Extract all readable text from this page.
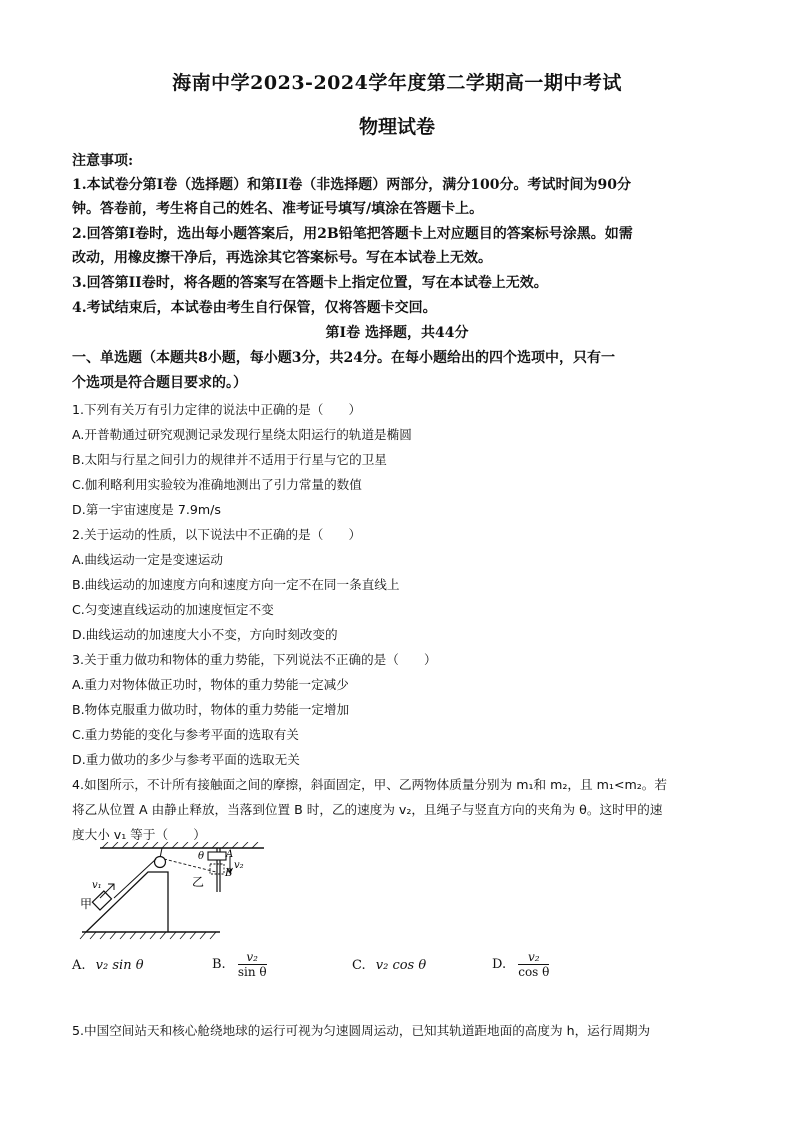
海南中学2023-2024学年度第二学期高一期中考试
物理试卷
注意事项:
1.本试卷分第I卷（选择题）和第II卷（非选择题）两部分，满分100分。考试时间为90分
钟。答卷前，考生将自己的姓名、准考证号填写/填涂在答题卡上。
2.回答第I卷时，选出每小题答案后，用2B铅笔把答题卡上对应题目的答案标号涂黑。如需
改动，用橡皮擦干净后，再选涂其它答案标号。写在本试卷上无效。
3.回答第II卷时，将各题的答案写在答题卡上指定位置，写在本试卷上无效。
4.考试结束后，本试卷由考生自行保管，仅将答题卡交回。
第I卷 选择题，共44分
一、单选题（本题共8小题，每小题3分，共24分。在每小题给出的四个选项中，只有一
个选项是符合题目要求的。）
1.下列有关万有引力定律的说法中正确的是（　　）
A.开普勒通过研究观测记录发现行星绕太阳运行的轨道是椭圆
B.太阳与行星之间引力的规律并不适用于行星与它的卫星
C.伽利略利用实验较为准确地测出了引力常量的数值
D.第一宇宙速度是 7.9m/s
2.关于运动的性质，以下说法中不正确的是（　　）
A.曲线运动一定是变速运动
B.曲线运动的加速度方向和速度方向一定不在同一条直线上
C.匀变速直线运动的加速度恒定不变
D.曲线运动的加速度大小不变，方向时刻改变的
3.关于重力做功和物体的重力势能，下列说法不正确的是（　　）
A.重力对物体做正功时，物体的重力势能一定减少
B.物体克服重力做功时，物体的重力势能一定增加
C.重力势能的变化与参考平面的选取有关
D.重力做功的多少与参考平面的选取无关
4.如图所示，不计所有接触面之间的摩擦，斜面固定，甲、乙两物体质量分别为 m₁和 m₂，且 m₁<m₂。若
将乙从位置 A 由静止释放，当落到位置 B 时，乙的速度为 v₂，且绳子与竖直方向的夹角为 θ。这时甲的速
度大小 v₁ 等于（　　）
甲
乙
A
B
θ
v₂
v₁
A. v₂ sin θ	B. $\frac{\text{v₂}}{\text{sin θ}}$	C. v₂ cos θ	D. $\frac{\text{v₂}}{\text{cos θ}}$
5.中国空间站天和核心舱绕地球的运行可视为匀速圆周运动，已知其轨道距地面的高度为 h，运行周期为
